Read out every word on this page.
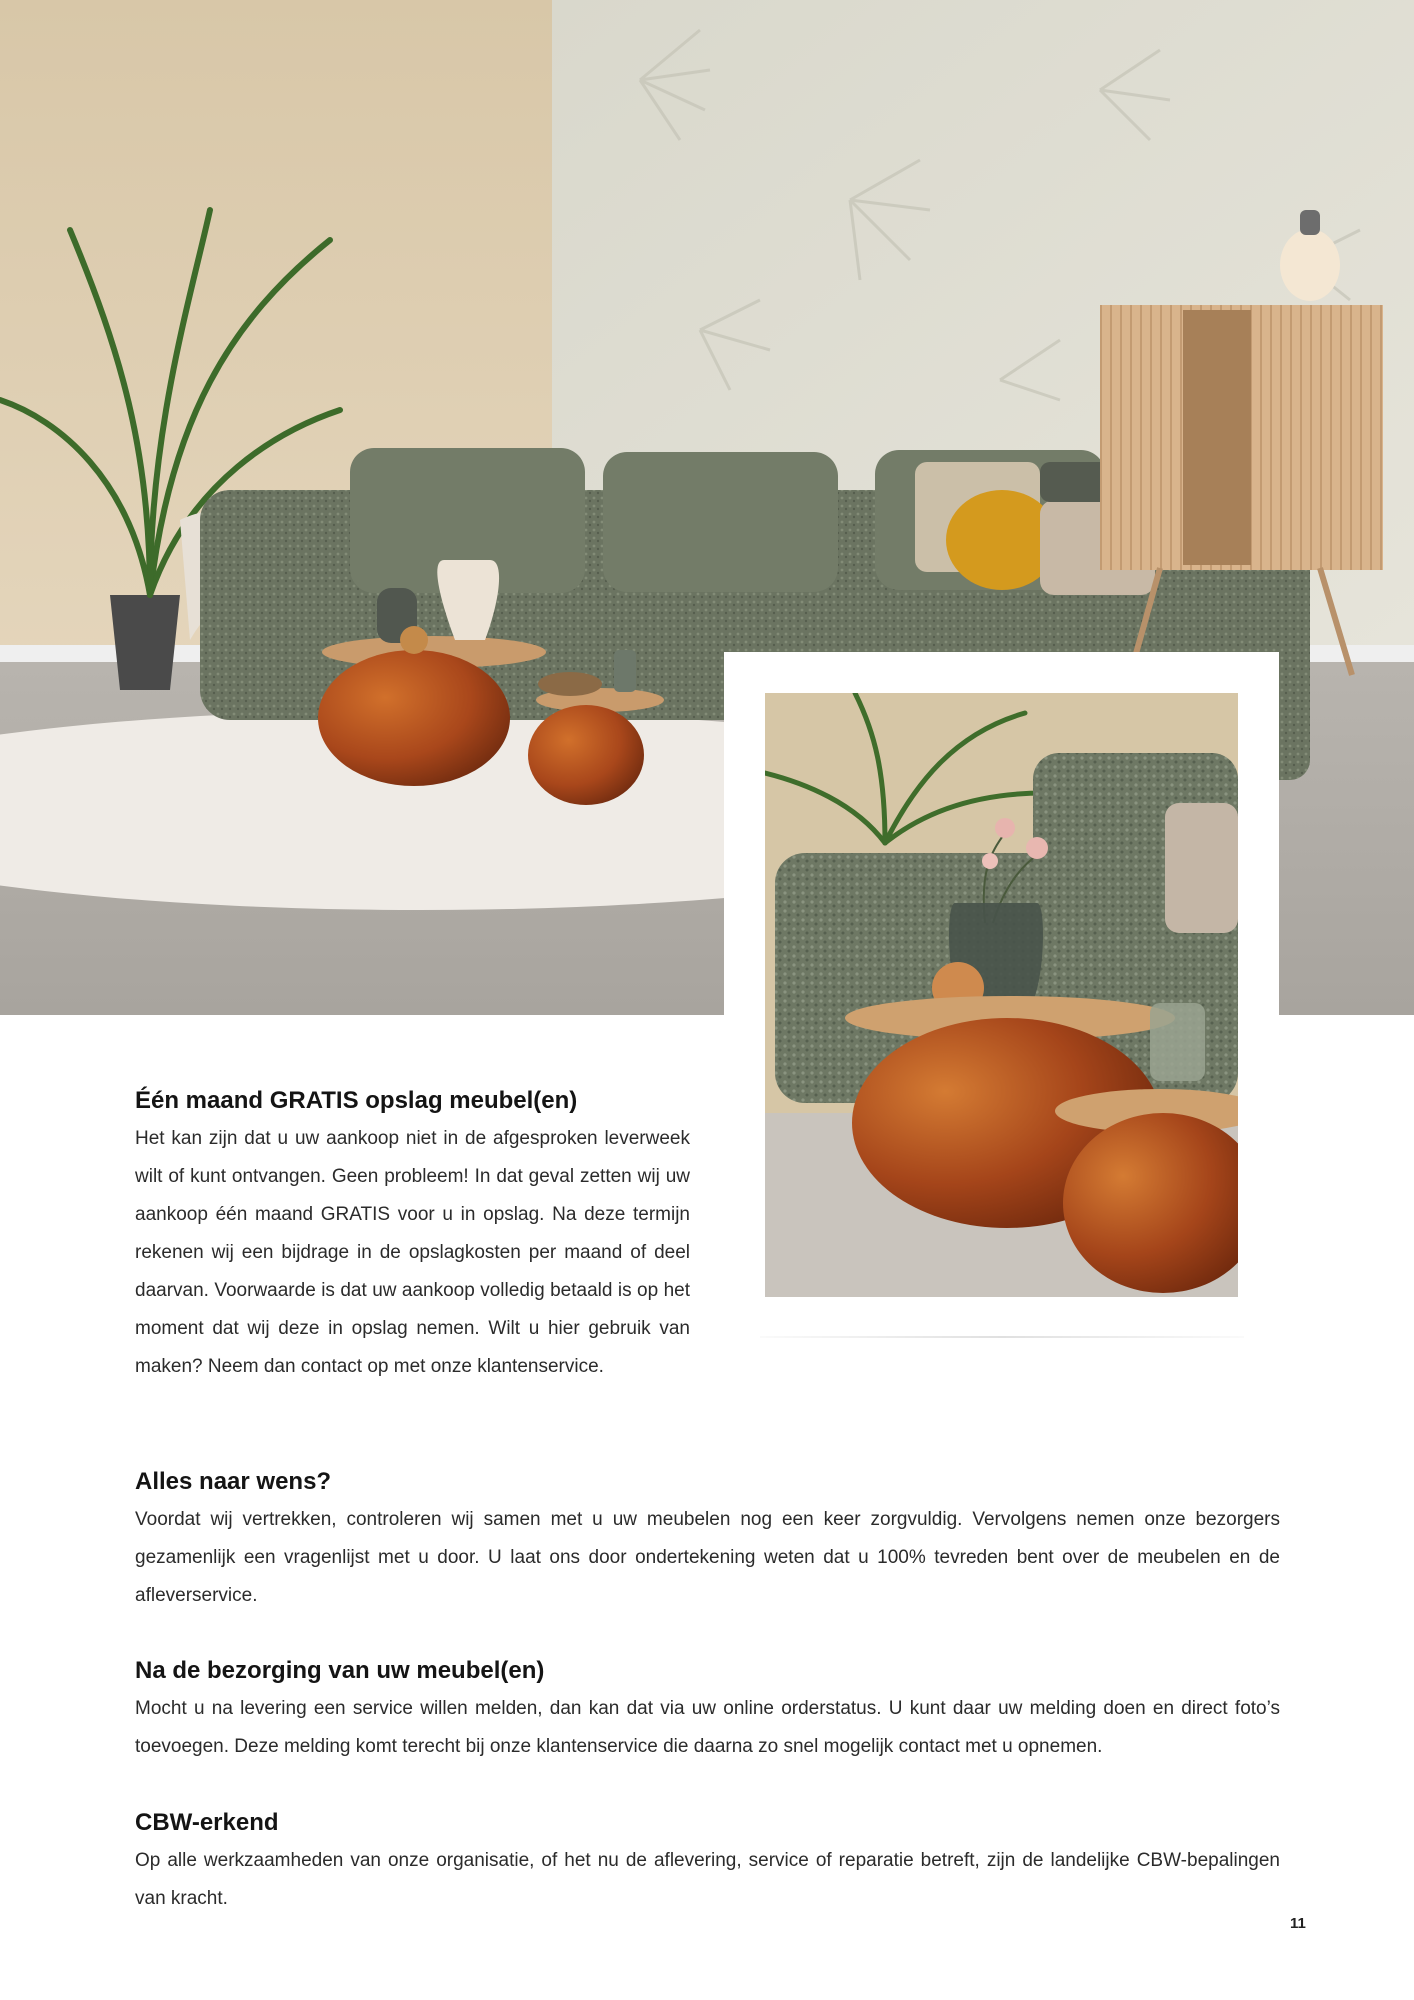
Één maand GRATIS opslag meubel(en)

Het kan zijn dat u uw aankoop niet in de afgesproken leverweek wilt of kunt ontvangen. Geen probleem! In dat geval zetten wij uw aankoop één maand GRATIS voor u in opslag. Na deze termijn rekenen wij een bijdrage in de opslagkosten per maand of deel daarvan. Voorwaarde is dat uw aankoop volledig betaald is op het moment dat wij deze in opslag nemen. Wilt u hier gebruik van maken? Neem dan contact op met onze klantenservice.

Alles naar wens?

Voordat wij vertrekken, controleren wij samen met u uw meubelen nog een keer zorgvuldig. Vervolgens nemen onze bezorgers gezamenlijk een vragenlijst met u door. U laat ons door ondertekening weten dat u 100% tevreden bent over de meubelen en de afleverservice.

Na de bezorging van uw meubel(en)

Mocht u na levering een service willen melden, dan kan dat via uw online orderstatus. U kunt daar uw melding doen en direct foto’s toevoegen. Deze melding komt terecht bij onze klantenservice die daarna zo snel mogelijk contact met u opnemen.

CBW-erkend

Op alle werkzaamheden van onze organisatie, of het nu de aflevering, service of reparatie betreft, zijn de landelijke CBW-bepalingen van kracht.

11
